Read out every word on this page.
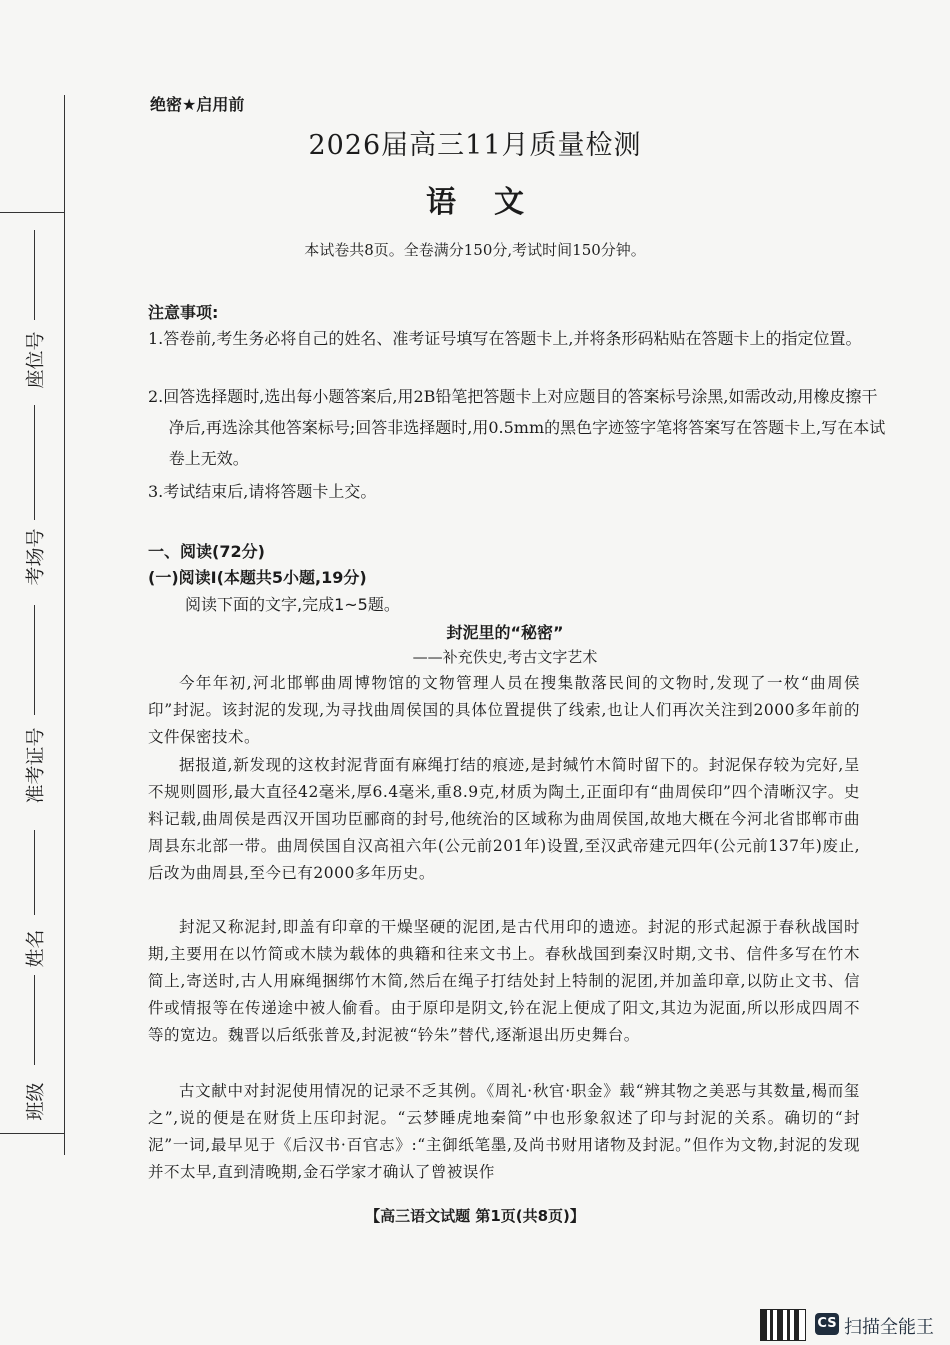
座位号
考场号
准考证号
姓名
班级
绝密★启用前
2026届高三11月质量检测
语文
本试卷共8页。全卷满分150分,考试时间150分钟。
注意事项:
1.答卷前,考生务必将自己的姓名、准考证号填写在答题卡上,并将条形码粘贴在答题卡上的指定位置。
2.回答选择题时,选出每小题答案后,用2B铅笔把答题卡上对应题目的答案标号涂黑,如需改动,用橡皮擦干净后,再选涂其他答案标号;回答非选择题时,用0.5mm的黑色字迹签字笔将答案写在答题卡上,写在本试卷上无效。
3.考试结束后,请将答题卡上交。
一、阅读(72分)
(一)阅读Ⅰ(本题共5小题,19分)
阅读下面的文字,完成1~5题。
封泥里的“秘密”
——补充佚史,考古文字艺术
今年年初,河北邯郸曲周博物馆的文物管理人员在搜集散落民间的文物时,发现了一枚“曲周侯印”封泥。该封泥的发现,为寻找曲周侯国的具体位置提供了线索,也让人们再次关注到2000多年前的文件保密技术。
据报道,新发现的这枚封泥背面有麻绳打结的痕迹,是封缄竹木简时留下的。封泥保存较为完好,呈不规则圆形,最大直径42毫米,厚6.4毫米,重8.9克,材质为陶土,正面印有“曲周侯印”四个清晰汉字。史料记载,曲周侯是西汉开国功臣郦商的封号,他统治的区域称为曲周侯国,故地大概在今河北省邯郸市曲周县东北部一带。曲周侯国自汉高祖六年(公元前201年)设置,至汉武帝建元四年(公元前137年)废止,后改为曲周县,至今已有2000多年历史。
封泥又称泥封,即盖有印章的干燥坚硬的泥团,是古代用印的遗迹。封泥的形式起源于春秋战国时期,主要用在以竹简或木牍为载体的典籍和往来文书上。春秋战国到秦汉时期,文书、信件多写在竹木简上,寄送时,古人用麻绳捆绑竹木简,然后在绳子打结处封上特制的泥团,并加盖印章,以防止文书、信件或情报等在传递途中被人偷看。由于原印是阴文,钤在泥上便成了阳文,其边为泥面,所以形成四周不等的宽边。魏晋以后纸张普及,封泥被“钤朱”替代,逐渐退出历史舞台。
古文献中对封泥使用情况的记录不乏其例。《周礼·秋官·职金》载“辨其物之美恶与其数量,楬而玺之”,说的便是在财货上压印封泥。“云梦睡虎地秦简”中也形象叙述了印与封泥的关系。确切的“封泥”一词,最早见于《后汉书·百官志》:“主御纸笔墨,及尚书财用诸物及封泥。”但作为文物,封泥的发现并不太早,直到清晚期,金石学家才确认了曾被误作
【高三语文试题 第1页(共8页)】
CS 扫描全能王
